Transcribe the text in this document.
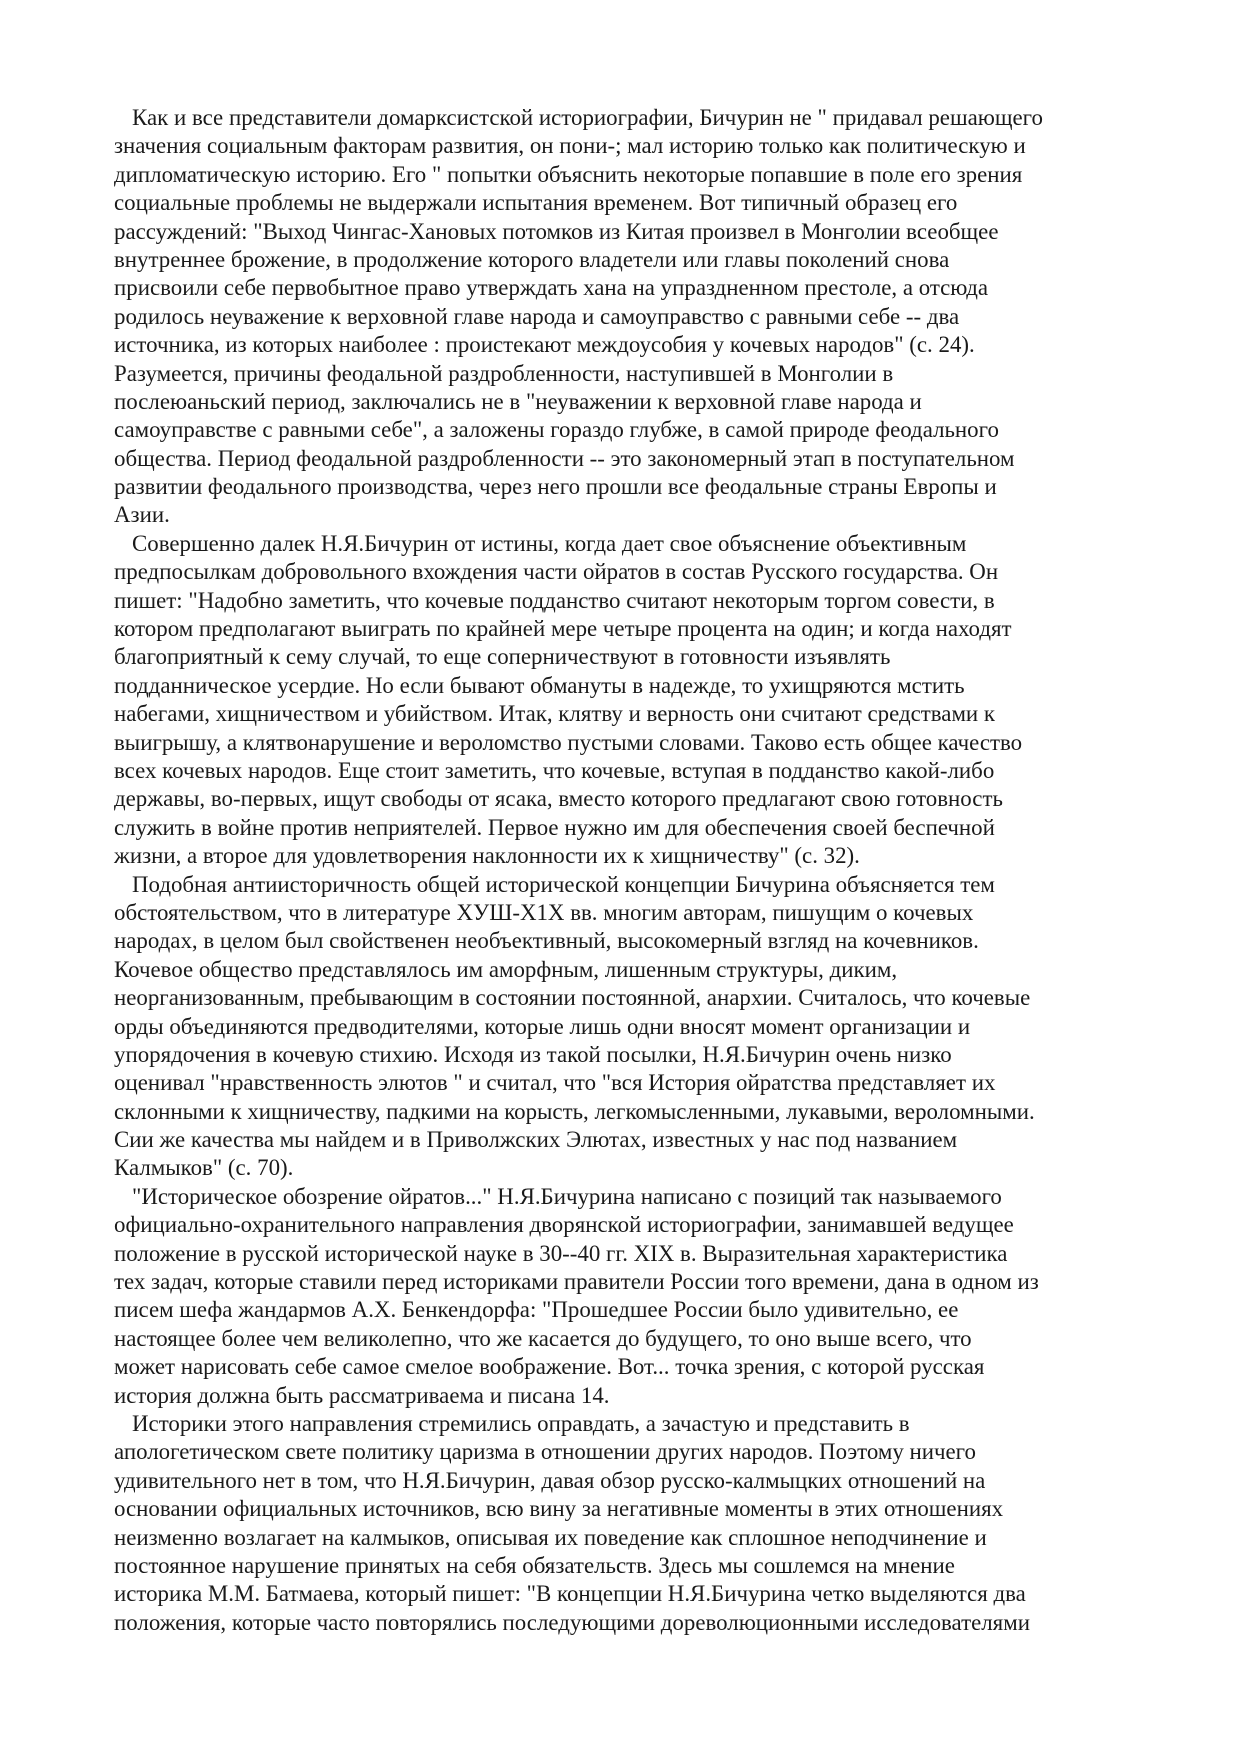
Как и все представители домарксистской историографии, Бичурин не " придавал решающего
значения социальным факторам развития, он пони-; мал историю только как политическую и
дипломатическую историю. Его " попытки объяснить некоторые попавшие в поле его зрения
социальные проблемы не выдержали испытания временем. Вот типичный образец его
рассуждений: "Выход Чингас-Хановых потомков из Китая произвел в Монголии всеобщее
внутреннее брожение, в продолжение которого владетели или главы поколений снова
присвоили себе первобытное право утверждать хана на упраздненном престоле, а отсюда
родилось неуважение к верховной главе народа и самоуправство с равными себе -- два
источника, из которых наиболее : проистекают междоусобия у кочевых народов" (с. 24).
Разумеется, причины феодальной раздробленности, наступившей в Монголии в
послеюаньский период, заключались не в "неуважении к верховной главе народа и
самоуправстве с равными себе", а заложены гораздо глубже, в самой природе феодального
общества. Период феодальной раздробленности -- это закономерный этап в поступательном
развитии феодального производства, через него прошли все феодальные страны Европы и
Азии.
Совершенно далек Н.Я.Бичурин от истины, когда дает свое объяснение объективным
предпосылкам добровольного вхождения части ойратов в состав Русского государства. Он
пишет: "Надобно заметить, что кочевые подданство считают некоторым торгом совести, в
котором предполагают выиграть по крайней мере четыре процента на один; и когда находят
благоприятный к сему случай, то еще соперничествуют в готовности изъявлять
подданническое усердие. Но если бывают обмануты в надежде, то ухищряются мстить
набегами, хищничеством и убийством. Итак, клятву и верность они считают средствами к
выигрышу, а клятвонарушение и вероломство пустыми словами. Таково есть общее качество
всех кочевых народов. Еще стоит заметить, что кочевые, вступая в подданство какой-либо
державы, во-первых, ищут свободы от ясака, вместо которого предлагают свою готовность
служить в войне против неприятелей. Первое нужно им для обеспечения своей беспечной
жизни, а второе для удовлетворения наклонности их к хищничеству" (с. 32).
Подобная антиисторичность общей исторической концепции Бичурина объясняется тем
обстоятельством, что в литературе ХУШ-Х1Х вв. многим авторам, пишущим о кочевых
народах, в целом был свойственен необъективный, высокомерный взгляд на кочевников.
Кочевое общество представлялось им аморфным, лишенным структуры, диким,
неорганизованным, пребывающим в состоянии постоянной, анархии. Считалось, что кочевые
орды объединяются предводителями, которые лишь одни вносят момент организации и
упорядочения в кочевую стихию. Исходя из такой посылки, Н.Я.Бичурин очень низко
оценивал "нравственность элютов " и считал, что "вся История ойратства представляет их
склонными к хищничеству, падкими на корысть, легкомысленными, лукавыми, вероломными.
Сии же качества мы найдем и в Приволжских Элютах, известных у нас под названием
Калмыков" (с. 70).
"Историческое обозрение ойратов..." Н.Я.Бичурина написано с позиций так называемого
официально-охранительного направления дворянской историографии, занимавшей ведущее
положение в русской исторической науке в 30--40 гг. XIX в. Выразительная характеристика
тех задач, которые ставили перед историками правители России того времени, дана в одном из
писем шефа жандармов А.Х. Бенкендорфа: "Прошедшее России было удивительно, ее
настоящее более чем великолепно, что же касается до будущего, то оно выше всего, что
может нарисовать себе самое смелое воображение. Вот... точка зрения, с которой русская
история должна быть рассматриваема и писана 14.
Историки этого направления стремились оправдать, а зачастую и представить в
апологетическом свете политику царизма в отношении других народов. Поэтому ничего
удивительного нет в том, что Н.Я.Бичурин, давая обзор русско-калмыцких отношений на
основании официальных источников, всю вину за негативные моменты в этих отношениях
неизменно возлагает на калмыков, описывая их поведение как сплошное неподчинение и
постоянное нарушение принятых на себя обязательств. Здесь мы сошлемся на мнение
историка М.М. Батмаева, который пишет: "В концепции Н.Я.Бичурина четко выделяются два
положения, которые часто повторялись последующими дореволюционными исследователями
